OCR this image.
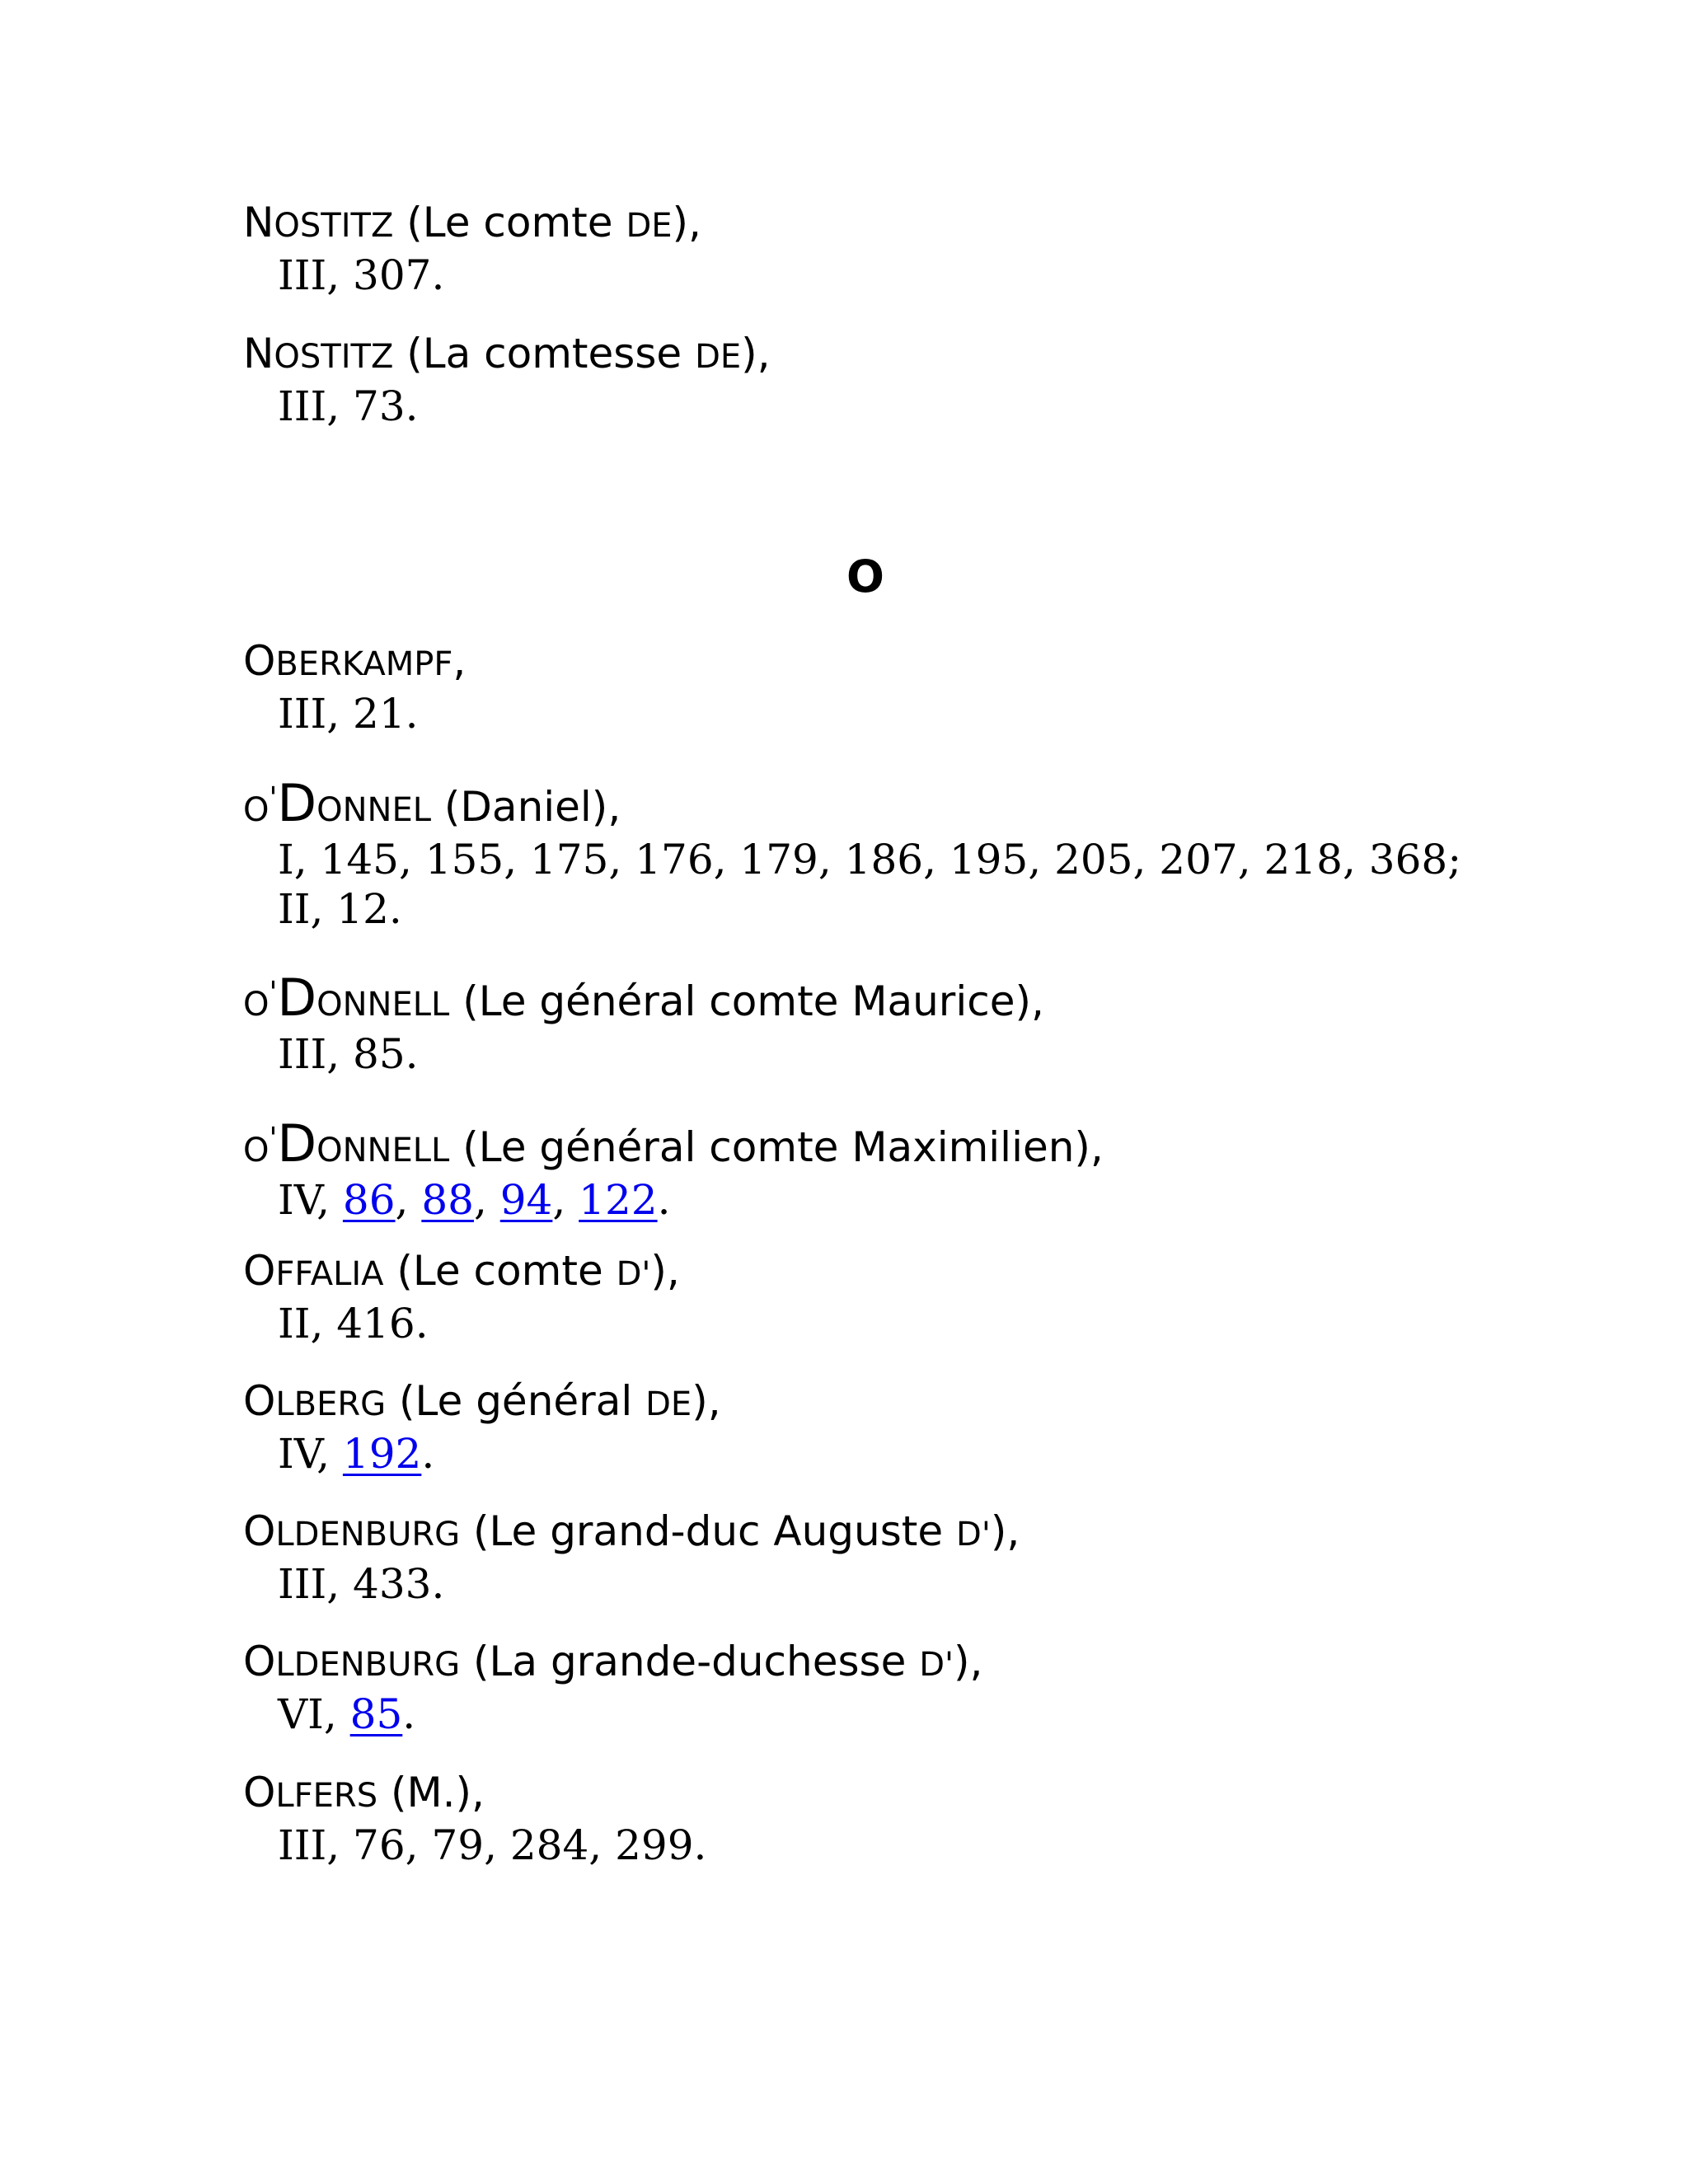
NOSTITZ (Le comte DE),
III, 307.
NOSTITZ (La comtesse DE),
III, 73.
O
OBERKAMPF,
III, 21.
O'DONNEL (Daniel),
I, 145, 155, 175, 176, 179, 186, 195, 205, 207, 218, 368;
II, 12.
O'DONNELL (Le général comte Maurice),
III, 85.
O'DONNELL (Le général comte Maximilien),
IV, 86, 88, 94, 122.
OFFALIA (Le comte D'),
II, 416.
OLBERG (Le général DE),
IV, 192.
OLDENBURG (Le grand-duc Auguste D'),
III, 433.
OLDENBURG (La grande-duchesse D'),
VI, 85.
OLFERS (M.),
III, 76, 79, 284, 299.
